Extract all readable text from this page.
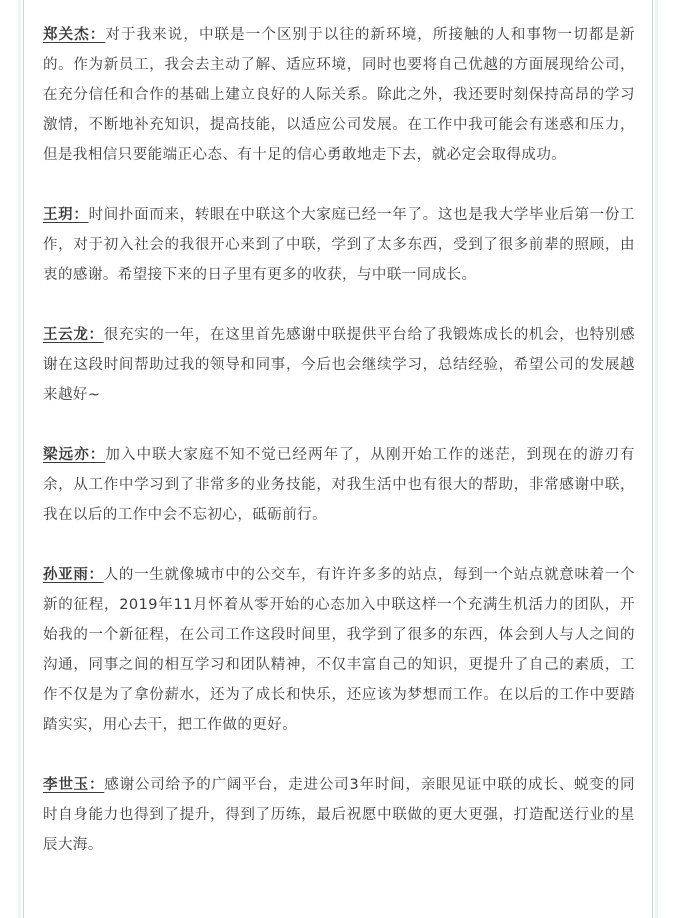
郑关杰：对于我来说，中联是一个区别于以往的新环境，所接触的人和事物一切都是新的。作为新员工，我会去主动了解、适应环境，同时也要将自己优越的方面展现给公司，在充分信任和合作的基础上建立良好的人际关系。除此之外，我还要时刻保持高昂的学习激情，不断地补充知识，提高技能，以适应公司发展。在工作中我可能会有迷惑和压力，但是我相信只要能端正心态、有十足的信心勇敢地走下去，就必定会取得成功。

王玥：时间扑面而来，转眼在中联这个大家庭已经一年了。这也是我大学毕业后第一份工作，对于初入社会的我很开心来到了中联，学到了太多东西，受到了很多前辈的照顾，由衷的感谢。希望接下来的日子里有更多的收获，与中联一同成长。

王云龙：很充实的一年，在这里首先感谢中联提供平台给了我锻炼成长的机会，也特别感谢在这段时间帮助过我的领导和同事，今后也会继续学习，总结经验，希望公司的发展越来越好~

梁远亦：加入中联大家庭不知不觉已经两年了，从刚开始工作的迷茫，到现在的游刃有余，从工作中学习到了非常多的业务技能，对我生活中也有很大的帮助，非常感谢中联，我在以后的工作中会不忘初心，砥砺前行。

孙亚雨：人的一生就像城市中的公交车，有许许多多的站点，每到一个站点就意味着一个新的征程，2019年11月怀着从零开始的心态加入中联这样一个充满生机活力的团队，开始我的一个新征程，在公司工作这段时间里，我学到了很多的东西，体会到人与人之间的沟通，同事之间的相互学习和团队精神，不仅丰富自己的知识，更提升了自己的素质，工作不仅是为了拿份薪水，还为了成长和快乐，还应该为梦想而工作。在以后的工作中要踏踏实实，用心去干，把工作做的更好。

李世玉：感谢公司给予的广阔平台，走进公司3年时间，亲眼见证中联的成长、蜕变的同时自身能力也得到了提升，得到了历练，最后祝愿中联做的更大更强，打造配送行业的星辰大海。
